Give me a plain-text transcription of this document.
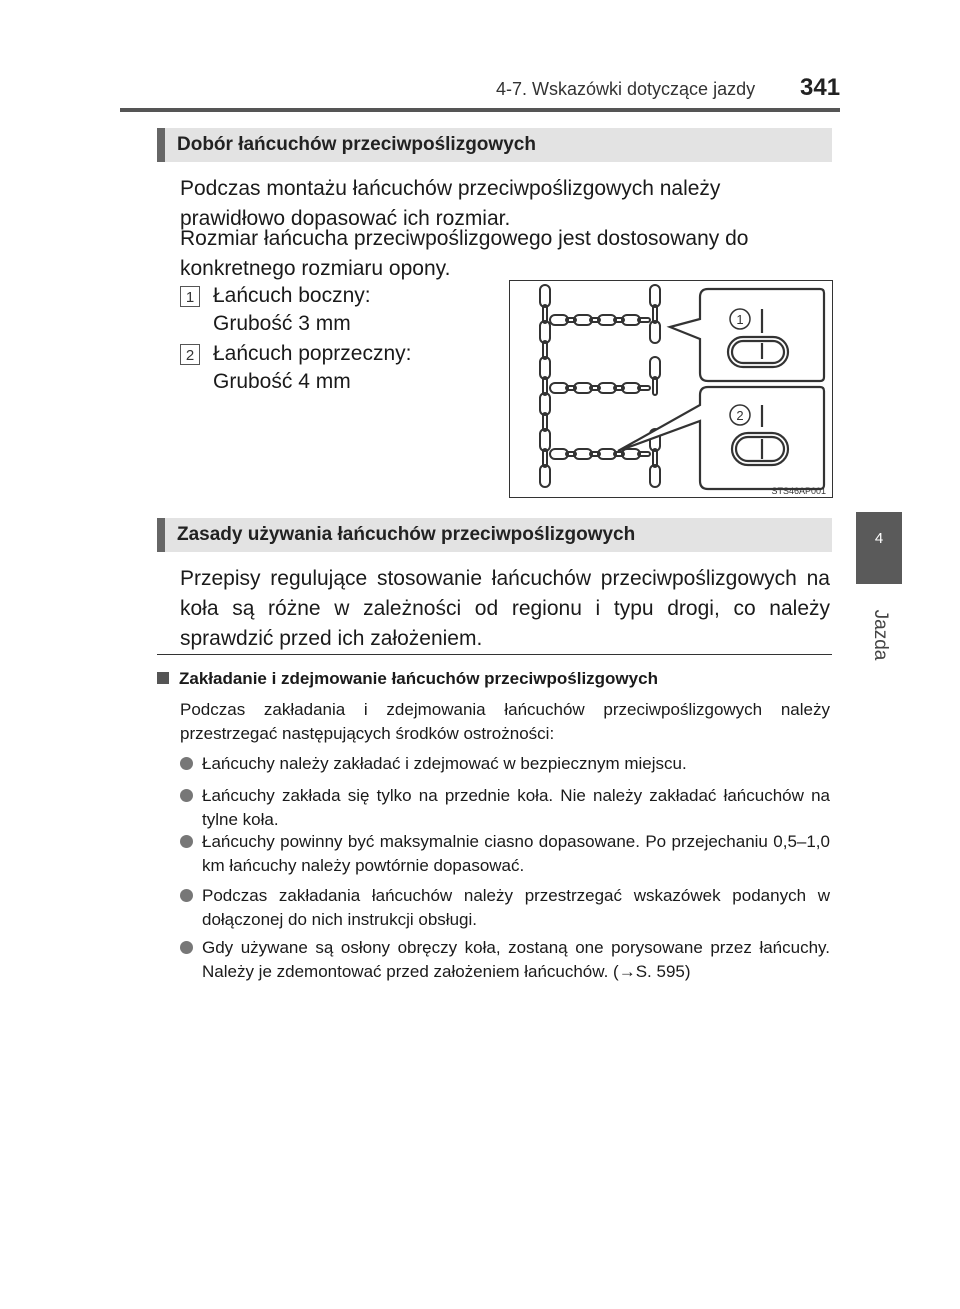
4-7. Wskazówki dotyczące jazdy 341
4
Jazda
Dobór łańcuchów przeciwpoślizgowych
Podczas montażu łańcuchów przeciwpoślizgowych należy prawidłowo dopasować ich rozmiar.
Rozmiar łańcucha przeciwpoślizgowego jest dostosowany do konkretnego rozmiaru opony.
1 Łańcuch boczny:
Grubość 3 mm
2 Łańcuch poprzeczny:
Grubość 4 mm
1
2
STS46AP001
Zasady używania łańcuchów przeciwpoślizgowych
Przepisy regulujące stosowanie łańcuchów przeciwpoślizgowych na koła są różne w zależności od regionu i typu drogi, co należy sprawdzić przed ich założeniem.
Zakładanie i zdejmowanie łańcuchów przeciwpoślizgowych
Podczas zakładania i zdejmowania łańcuchów przeciwpoślizgowych należy przestrzegać następujących środków ostrożności:
Łańcuchy należy zakładać i zdejmować w bezpiecznym miejscu.
Łańcuchy zakłada się tylko na przednie koła. Nie należy zakładać łańcuchów na tylne koła.
Łańcuchy powinny być maksymalnie ciasno dopasowane. Po przejechaniu 0,5–1,0 km łańcuchy należy powtórnie dopasować.
Podczas zakładania łańcuchów należy przestrzegać wskazówek podanych w dołączonej do nich instrukcji obsługi.
Gdy używane są osłony obręczy koła, zostaną one porysowane przez łańcuchy. Należy je zdemontować przed założeniem łańcuchów. (→S. 595)
